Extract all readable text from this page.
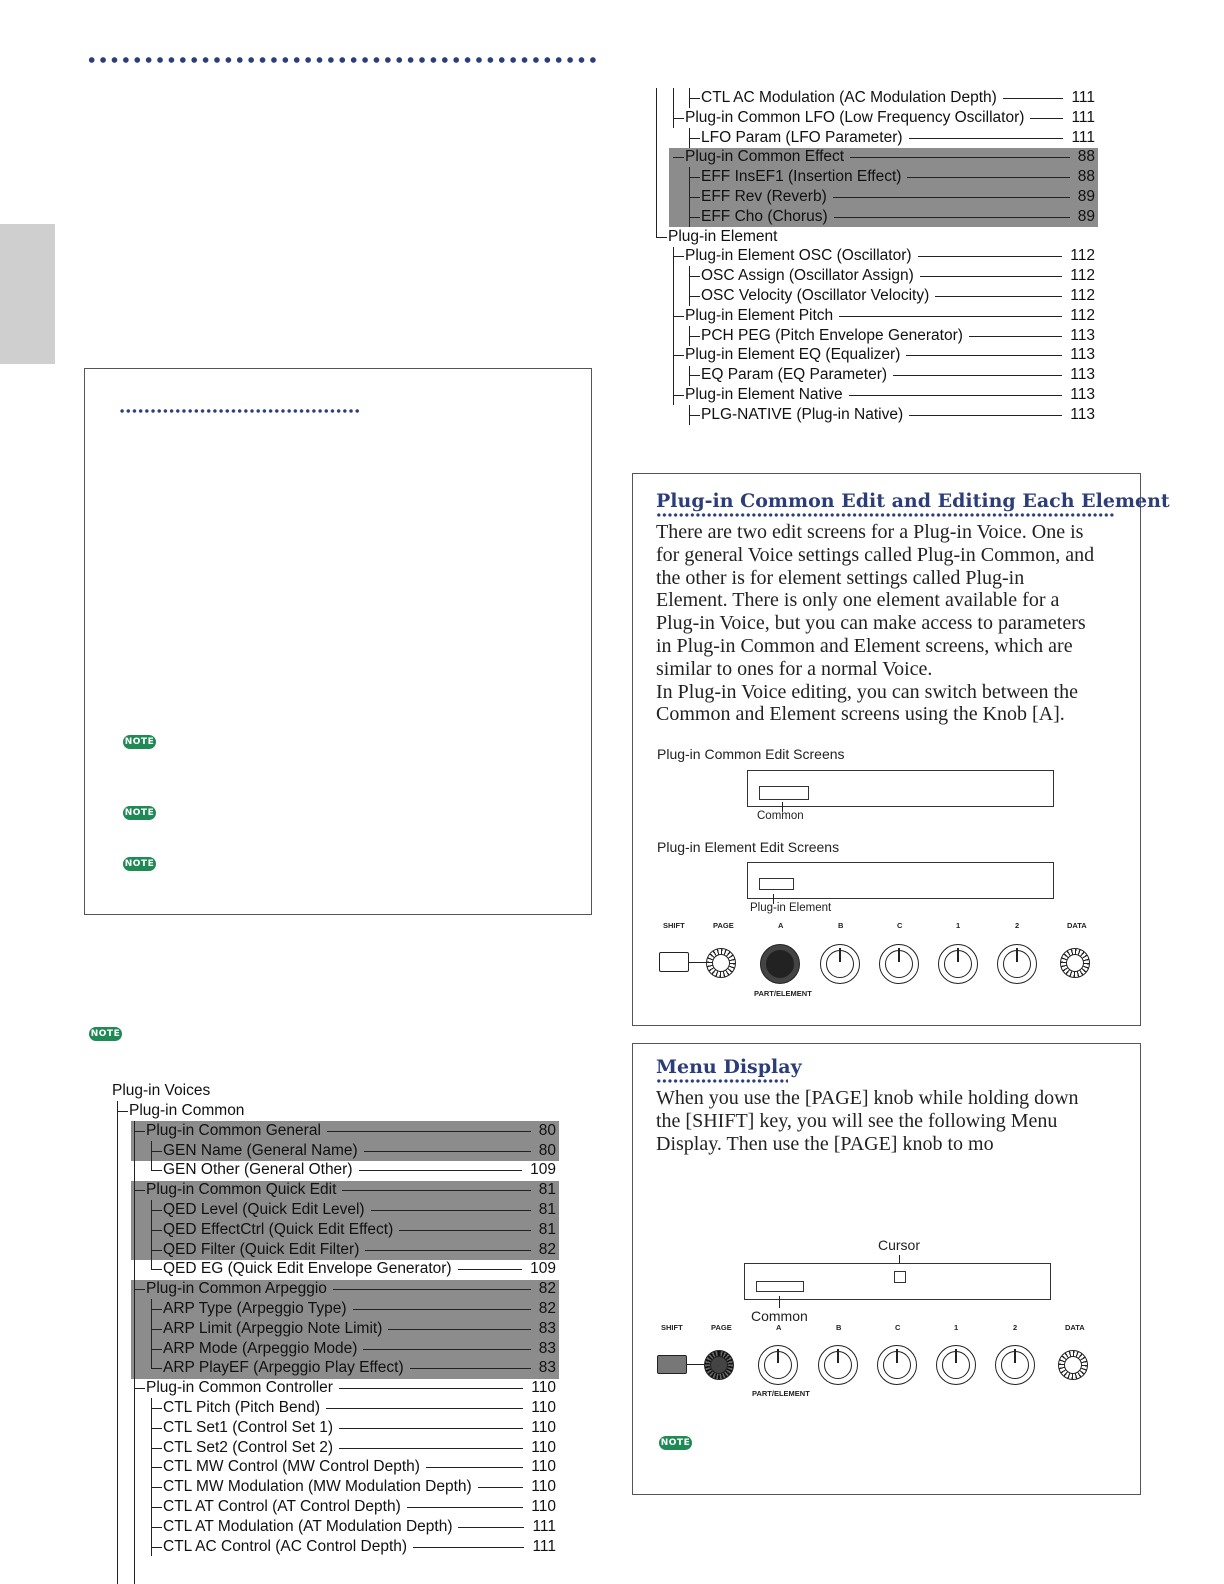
NOTE
NOTE
NOTE
NOTE
Plug-in Voices
Plug-in Common
Plug-in Common General	80
GEN Name (General Name)	80
GEN Other (General Other)	109
Plug-in Common Quick Edit	81
QED Level (Quick Edit Level)	81
QED EffectCtrl (Quick Edit Effect)	81
QED Filter (Quick Edit Filter)	82
QED EG (Quick Edit Envelope Generator)	109
Plug-in Common Arpeggio	82
ARP Type (Arpeggio Type)	82
ARP Limit (Arpeggio Note Limit)	83
ARP Mode (Arpeggio Mode)	83
ARP PlayEF (Arpeggio Play Effect)	83
Plug-in Common Controller	110
CTL Pitch (Pitch Bend)	110
CTL Set1 (Control Set 1)	110
CTL Set2 (Control Set 2)	110
CTL MW Control (MW Control Depth)	110
CTL MW Modulation (MW Modulation Depth)	110
CTL AT Control (AT Control Depth)	110
CTL AT Modulation (AT Modulation Depth)	111
CTL AC Control (AC Control Depth)	111
CTL AC Modulation (AC Modulation Depth)	111
Plug-in Common LFO (Low Frequency Oscillator)	111
LFO Param (LFO Parameter)	111
Plug-in Common Effect	88
EFF InsEF1 (Insertion Effect)	88
EFF Rev (Reverb)	89
EFF Cho (Chorus)	89
Plug-in Element
Plug-in Element OSC (Oscillator)	112
OSC Assign (Oscillator Assign)	112
OSC Velocity (Oscillator Velocity)	112
Plug-in Element Pitch	112
PCH PEG (Pitch Envelope Generator)	113
Plug-in Element EQ (Equalizer)	113
EQ Param (EQ Parameter)	113
Plug-in Element Native	113
PLG-NATIVE (Plug-in Native)	113
Plug-in Common Edit and Editing Each Element
There are two edit screens for a Plug-in Voice. One is
for general Voice settings called Plug-in Common, and
the other is for element settings called Plug-in
Element. There is only one element available for a
Plug-in Voice, but you can make access to parameters
in Plug-in Common and Element screens, which are
similar to ones for a normal Voice.
In Plug-in Voice editing, you can switch between the
Common and Element screens using the Knob [A].
Plug-in Common Edit Screens
Common
Plug-in Element Edit Screens
Plug-in Element
SHIFT	PAGE	A	B	C	1	2	DATA
PART/ELEMENT
Menu Display
When you use the [PAGE] knob while holding down
the [SHIFT] key, you will see the following Menu
Display. Then use the [PAGE] knob to mo
Cursor
Common
SHIFT	PAGE	A	B	C	1	2	DATA
PART/ELEMENT
NOTE
